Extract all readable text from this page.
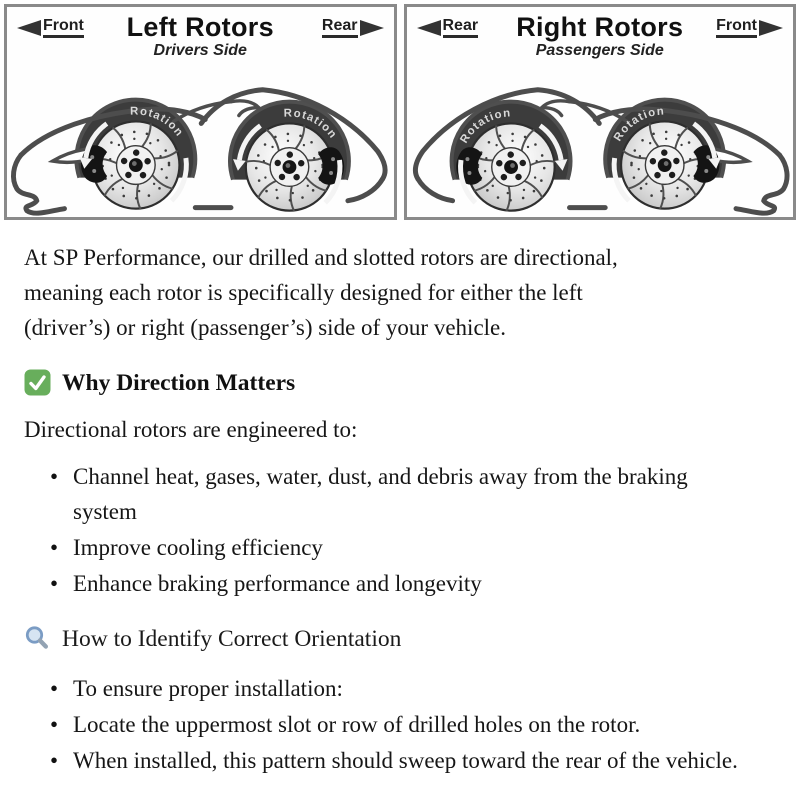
Front Left Rotors
Drivers Side
Rear	Rear Right Rotors
Passengers Side
Front

At SP Performance, our drilled and slotted rotors are directional,
meaning each rotor is specifically designed for either the left
(driver’s) or right (passenger’s) side of your vehicle.

Why Direction Matters

Directional rotors are engineered to:

• Channel heat, gases, water, dust, and debris away from the braking system
• Improve cooling efficiency
• Enhance braking performance and longevity
How to Identify Correct Orientation
• To ensure proper installation:
• Locate the uppermost slot or row of drilled holes on the rotor.
• When installed, this pattern should sweep toward the rear of the vehicle.
